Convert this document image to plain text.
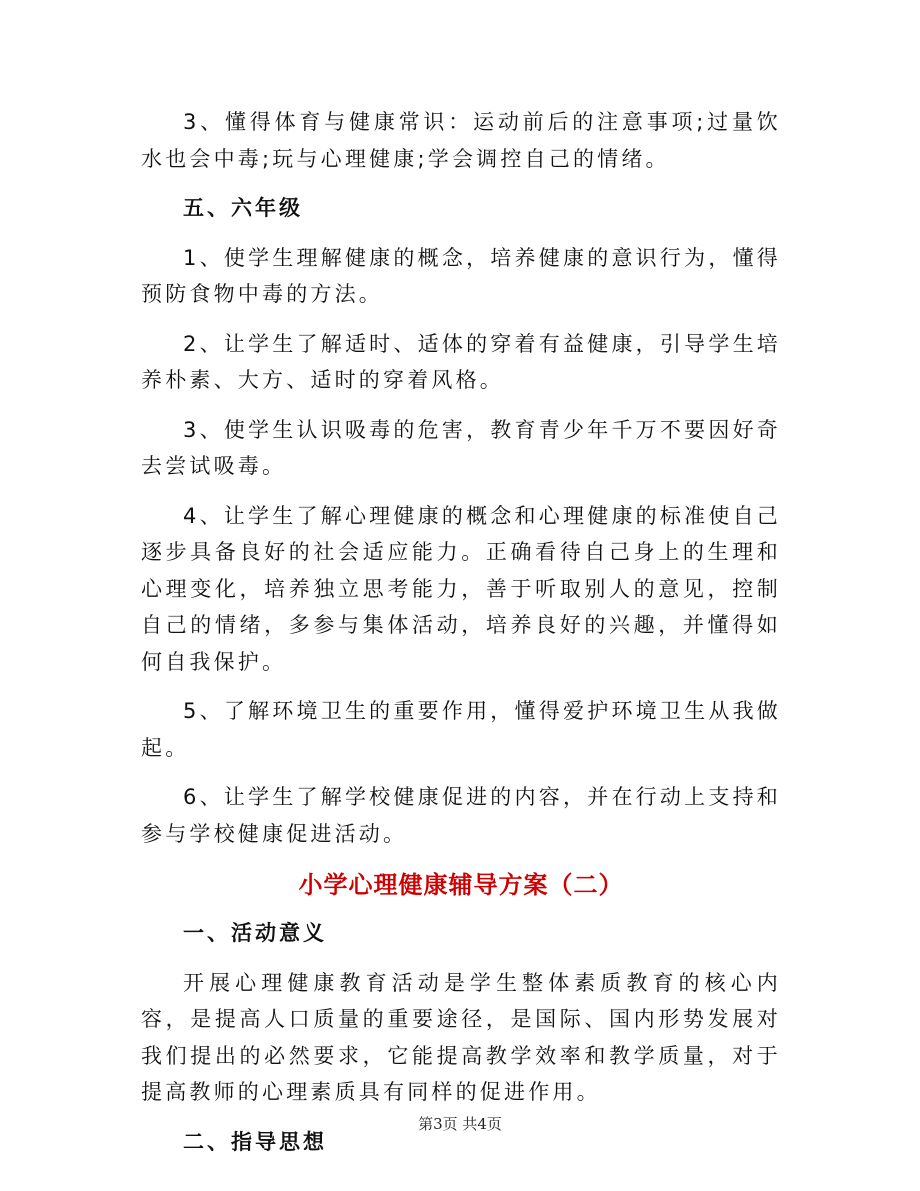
3、懂得体育与健康常识：运动前后的注意事项;过量饮水也会中毒;玩与心理健康;学会调控自己的情绪。

五、六年级

1、使学生理解健康的概念，培养健康的意识行为，懂得预防食物中毒的方法。

2、让学生了解适时、适体的穿着有益健康，引导学生培养朴素、大方、适时的穿着风格。

3、使学生认识吸毒的危害，教育青少年千万不要因好奇去尝试吸毒。

4、让学生了解心理健康的概念和心理健康的标准使自己逐步具备良好的社会适应能力。正确看待自己身上的生理和心理变化，培养独立思考能力，善于听取别人的意见，控制自己的情绪，多参与集体活动，培养良好的兴趣，并懂得如何自我保护。

5、了解环境卫生的重要作用，懂得爱护环境卫生从我做起。

6、让学生了解学校健康促进的内容，并在行动上支持和参与学校健康促进活动。

小学心理健康辅导方案（二）

一、活动意义

开展心理健康教育活动是学生整体素质教育的核心内容，是提高人口质量的重要途径，是国际、国内形势发展对我们提出的必然要求，它能提高教学效率和教学质量，对于提高教师的心理素质具有同样的促进作用。

二、指导思想

第3页 共4页
